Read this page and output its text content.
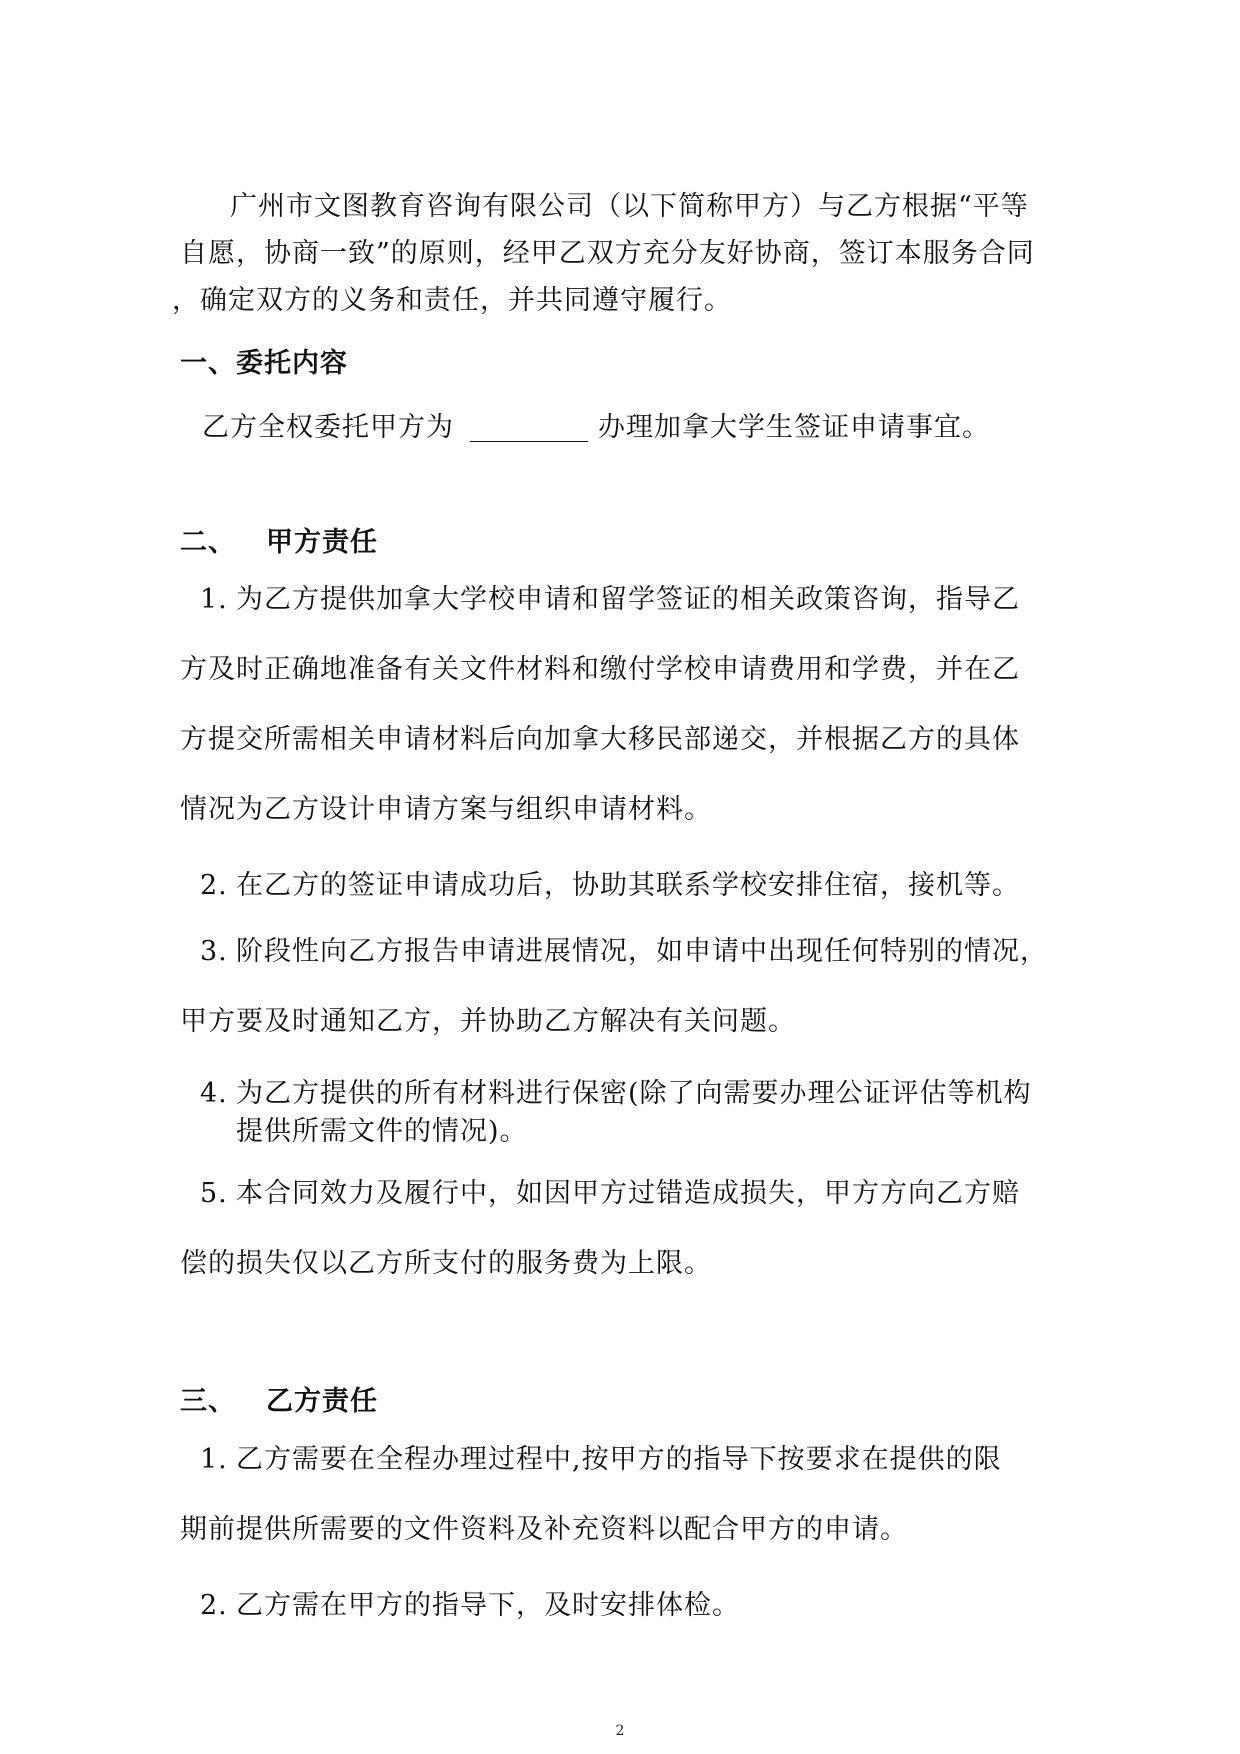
广州市文图教育咨询有限公司（以下简称甲方）与乙方根据“平等
自愿，协商一致”的原则，经甲乙双方充分友好协商，签订本服务合同
，确定双方的义务和责任，并共同遵守履行。
一、委托内容
乙方全权委托甲方为	办理加拿大学生签证申请事宜。
二、 甲方责任
1. 为乙方提供加拿大学校申请和留学签证的相关政策咨询，指导乙
方及时正确地准备有关文件材料和缴付学校申请费用和学费，并在乙
方提交所需相关申请材料后向加拿大移民部递交，并根据乙方的具体
情况为乙方设计申请方案与组织申请材料。
2. 在乙方的签证申请成功后，协助其联系学校安排住宿，接机等。
3. 阶段性向乙方报告申请进展情况，如申请中出现任何特别的情况，
甲方要及时通知乙方，并协助乙方解决有关问题。
4. 为乙方提供的所有材料进行保密(除了向需要办理公证评估等机构
提供所需文件的情况)。
5. 本合同效力及履行中，如因甲方过错造成损失，甲方方向乙方赔
偿的损失仅以乙方所支付的服务费为上限。
三、 乙方责任
1. 乙方需要在全程办理过程中,按甲方的指导下按要求在提供的限
期前提供所需要的文件资料及补充资料以配合甲方的申请。
2. 乙方需在甲方的指导下，及时安排体检。
2
